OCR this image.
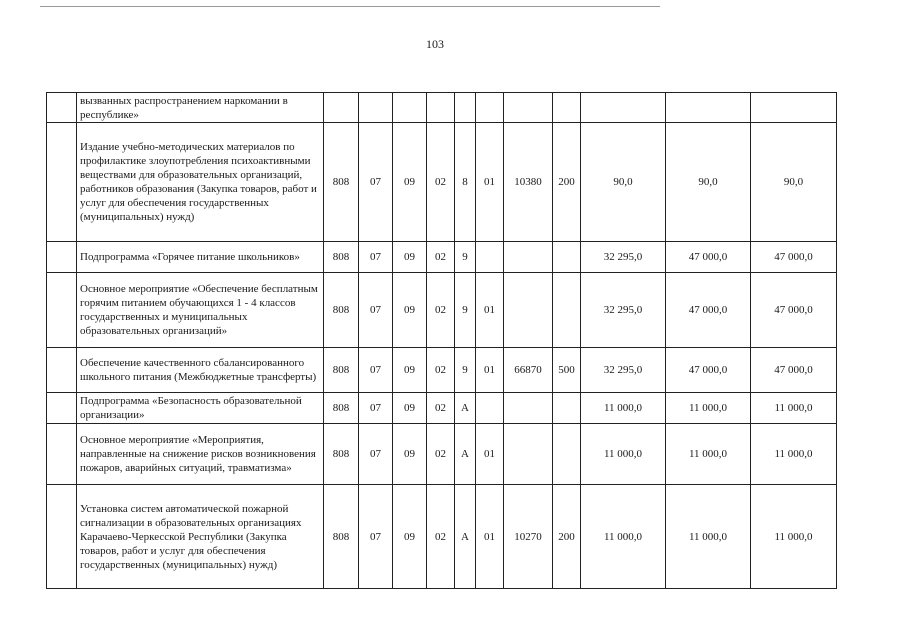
103
	вызванных распространением наркомании в республике»											
	Издание учебно-методических материалов по профилактике злоупотребления психоактивными веществами для образовательных организаций, работников образования (Закупка товаров, работ и услуг для обеспечения государственных (муниципальных) нужд)	808	07	09	02	8	01	10380	200	90,0	90,0	90,0
	Подпрограмма «Горячее питание школьников»	808	07	09	02	9				32 295,0	47 000,0	47 000,0
	Основное мероприятие «Обеспечение бесплатным горячим питанием обучающихся 1 - 4 классов государственных и муниципальных образовательных организаций»	808	07	09	02	9	01			32 295,0	47 000,0	47 000,0
	Обеспечение качественного сбалансированного школьного питания (Межбюджетные трансферты)	808	07	09	02	9	01	66870	500	32 295,0	47 000,0	47 000,0
	Подпрограмма «Безопасность образовательной организации»	808	07	09	02	А				11 000,0	11 000,0	11 000,0
	Основное мероприятие «Мероприятия, направленные на снижение рисков возникновения пожаров, аварийных ситуаций, травматизма»	808	07	09	02	А	01			11 000,0	11 000,0	11 000,0
	Установка систем автоматической пожарной сигнализации в образовательных организациях Карачаево-Черкесской Республики (Закупка товаров, работ и услуг для обеспечения государственных (муниципальных) нужд)	808	07	09	02	А	01	10270	200	11 000,0	11 000,0	11 000,0
